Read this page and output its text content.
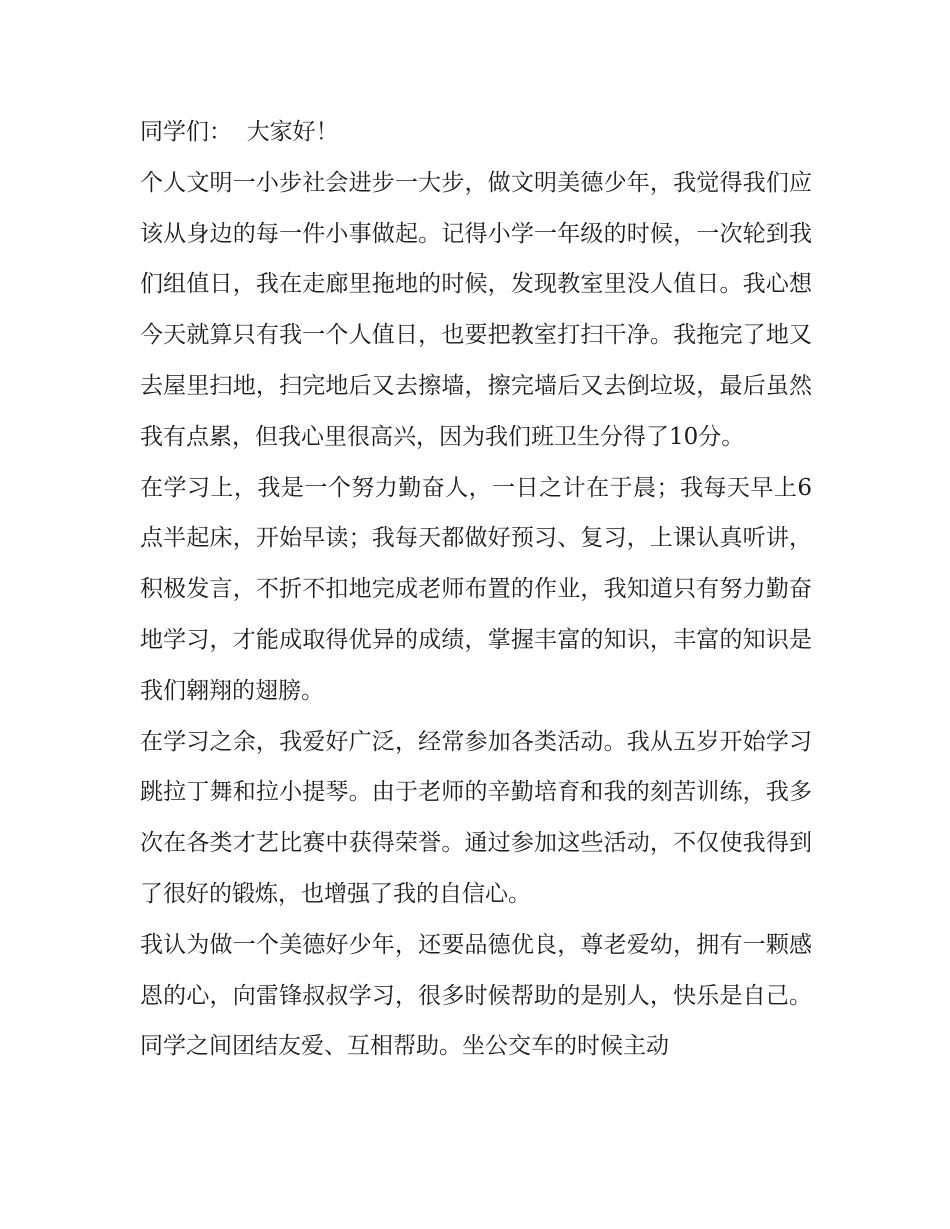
同学们：  大家好！

个人文明一小步社会进步一大步，做文明美德少年，我觉得我们应该从身边的每一件小事做起。记得小学一年级的时候，一次轮到我们组值日，我在走廊里拖地的时候，发现教室里没人值日。我心想今天就算只有我一个人值日，也要把教室打扫干净。我拖完了地又去屋里扫地，扫完地后又去擦墙，擦完墙后又去倒垃圾，最后虽然我有点累，但我心里很高兴，因为我们班卫生分得了10分。

在学习上，我是一个努力勤奋人，一日之计在于晨；我每天早上6点半起床，开始早读；我每天都做好预习、复习，上课认真听讲，积极发言，不折不扣地完成老师布置的作业，我知道只有努力勤奋地学习，才能成取得优异的成绩，掌握丰富的知识，丰富的知识是我们翱翔的翅膀。

在学习之余，我爱好广泛，经常参加各类活动。我从五岁开始学习跳拉丁舞和拉小提琴。由于老师的辛勤培育和我的刻苦训练，我多次在各类才艺比赛中获得荣誉。通过参加这些活动，不仅使我得到了很好的锻炼，也增强了我的自信心。

我认为做一个美德好少年，还要品德优良，尊老爱幼，拥有一颗感恩的心，向雷锋叔叔学习，很多时候帮助的是别人，快乐是自己。同学之间团结友爱、互相帮助。坐公交车的时候主动
